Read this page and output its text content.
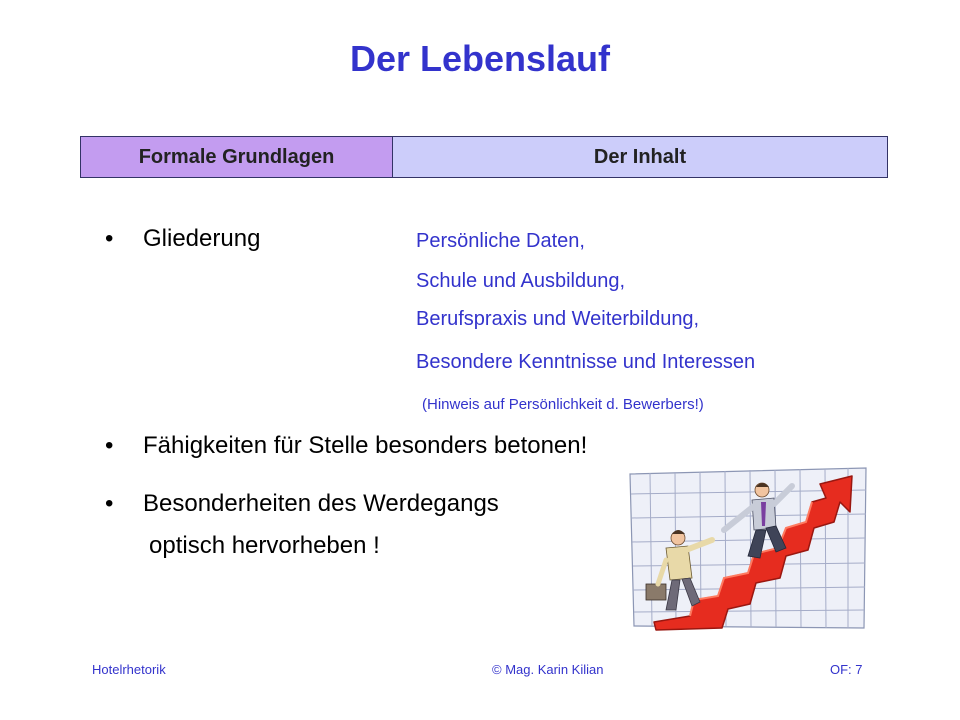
Der Lebenslauf
Formale Grundlagen	Der Inhalt
• Gliederung	Persönliche Daten,
Schule und Ausbildung,
Berufspraxis und Weiterbildung,
Besondere Kenntnisse und Interessen
(Hinweis auf Persönlichkeit d. Bewerbers!)
• Fähigkeiten für Stelle besonders betonen!
• Besonderheiten des Werdegangs
optisch hervorheben !
Hotelrhetorik	© Mag. Karin Kilian	OF: 7
